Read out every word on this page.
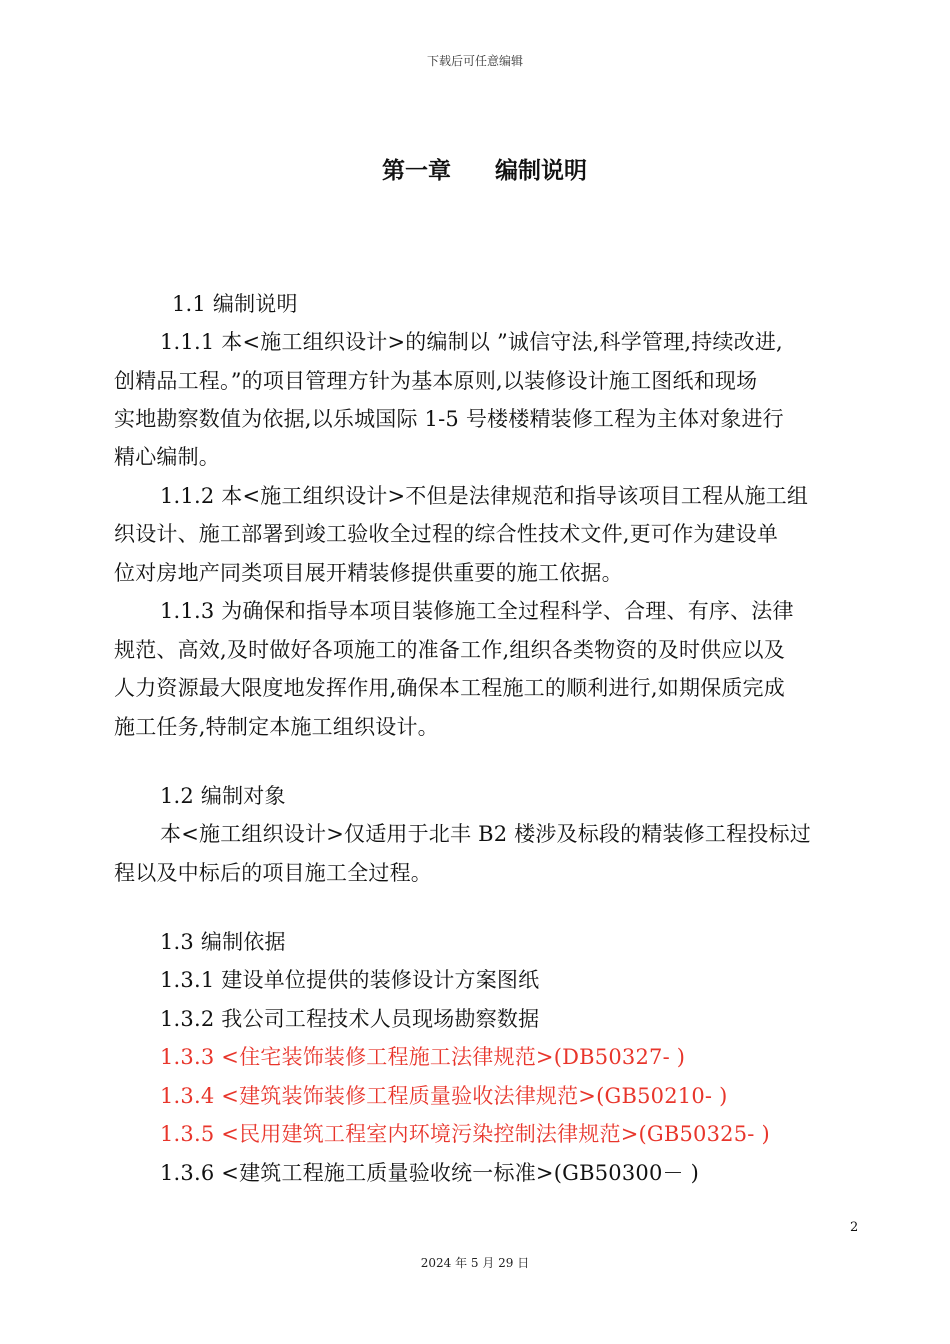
下载后可任意编辑
第一章 编制说明
1.1 编制说明
1.1.1 本<施工组织设计>的编制以 ”诚信守法,科学管理,持续改进,
创精品工程。”的项目管理方针为基本原则,以装修设计施工图纸和现场
实地勘察数值为依据,以乐城国际 1-5 号楼楼精装修工程为主体对象进行
精心编制。
1.1.2 本<施工组织设计>不但是法律规范和指导该项目工程从施工组
织设计、施工部署到竣工验收全过程的综合性技术文件,更可作为建设单
位对房地产同类项目展开精装修提供重要的施工依据。
1.1.3 为确保和指导本项目装修施工全过程科学、合理、有序、法律
规范、高效,及时做好各项施工的准备工作,组织各类物资的及时供应以及
人力资源最大限度地发挥作用,确保本工程施工的顺利进行,如期保质完成
施工任务,特制定本施工组织设计。
1.2 编制对象
本<施工组织设计>仅适用于北丰 B2 楼涉及标段的精装修工程投标过
程以及中标后的项目施工全过程。
1.3 编制依据
1.3.1 建设单位提供的装修设计方案图纸
1.3.2 我公司工程技术人员现场勘察数据
1.3.3 <住宅装饰装修工程施工法律规范>(DB50327- )
1.3.4 <建筑装饰装修工程质量验收法律规范>(GB50210- )
1.3.5 <民用建筑工程室内环境污染控制法律规范>(GB50325- )
1.3.6 <建筑工程施工质量验收统一标准>(GB50300－ )
2
2024 年 5 月 29 日
